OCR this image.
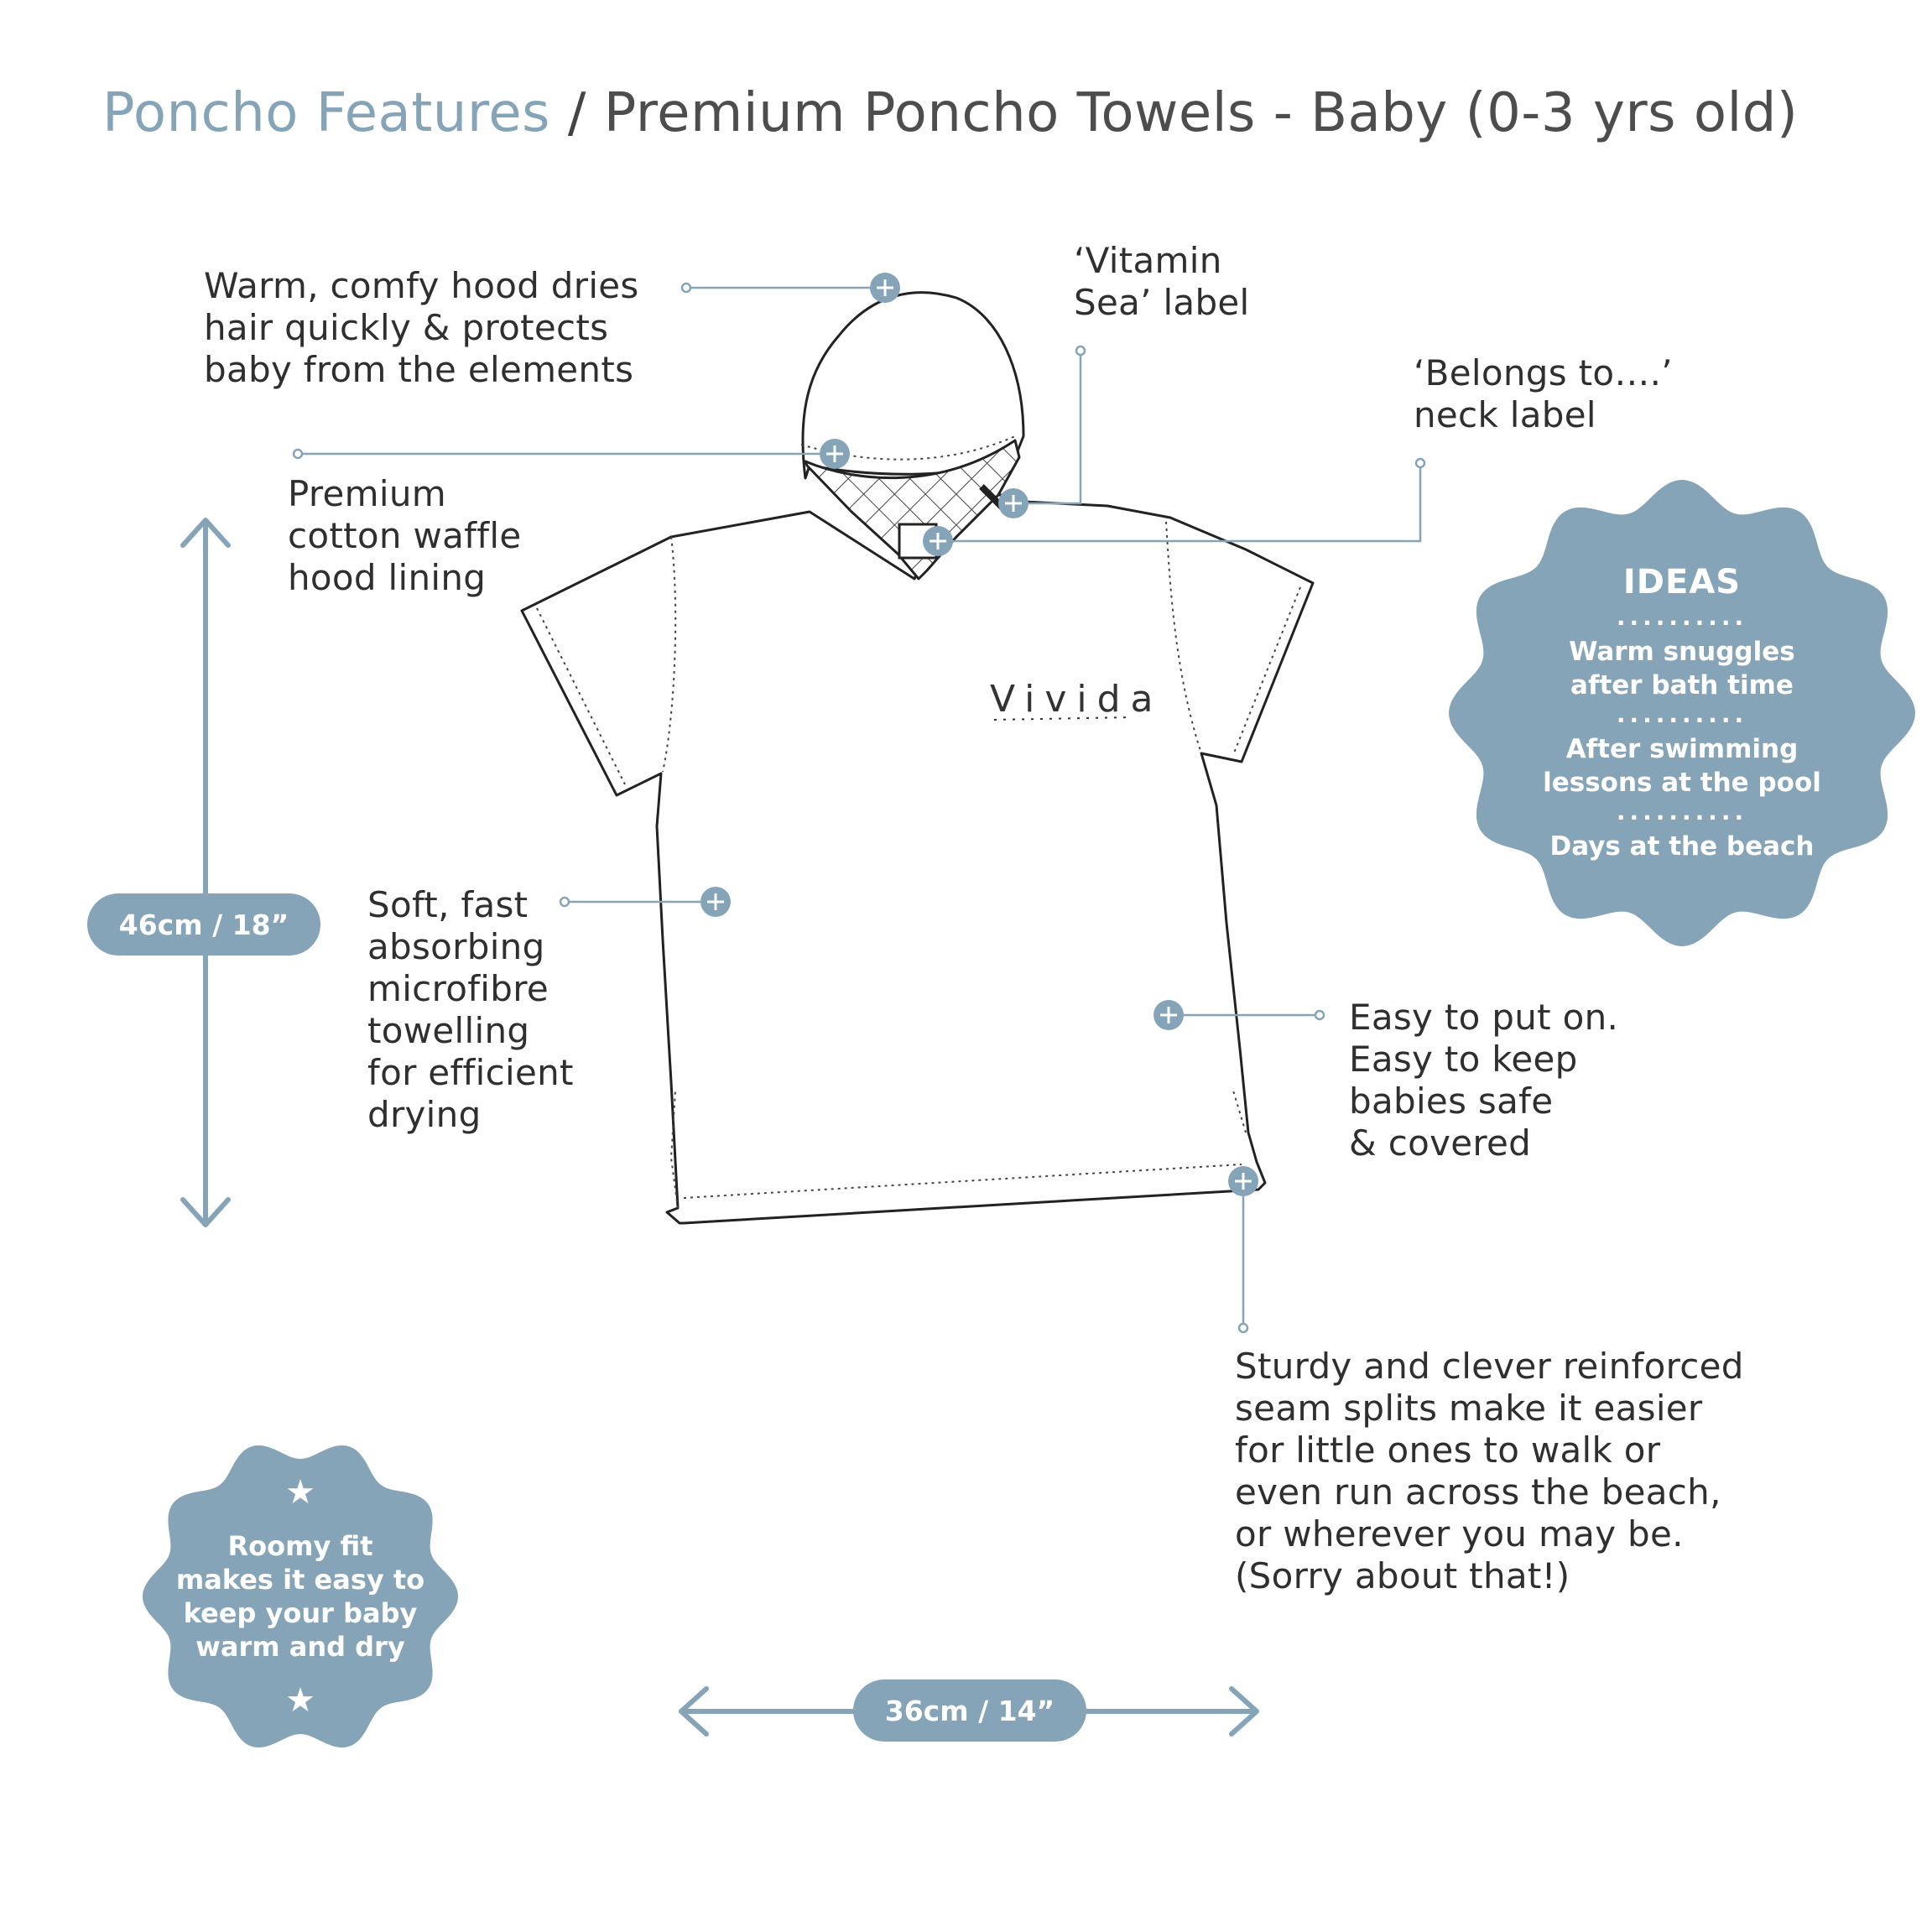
Poncho Features / Premium Poncho Towels - Baby (0-3 yrs old)
Warm, comfy hood dries
hair quickly & protects
baby from the elements
‘Vitamin
Sea’ label
‘Belongs to….’
neck label
Premium
cotton waffle
hood lining
Soft, fast
absorbing
microfibre
towelling
for efficient
drying
Easy to put on.
Easy to keep
babies safe
& covered
Sturdy and clever reinforced
seam splits make it easier
for little ones to walk or
even run across the beach,
or wherever you may be.
(Sorry about that!)
Vivida
46cm / 18”
36cm / 14”
IDEAS
..........
Warm snuggles
after bath time
..........
After swimming
lessons at the pool
..........
Days at the beach
★
Roomy fit
makes it easy to
keep your baby
warm and dry
★
